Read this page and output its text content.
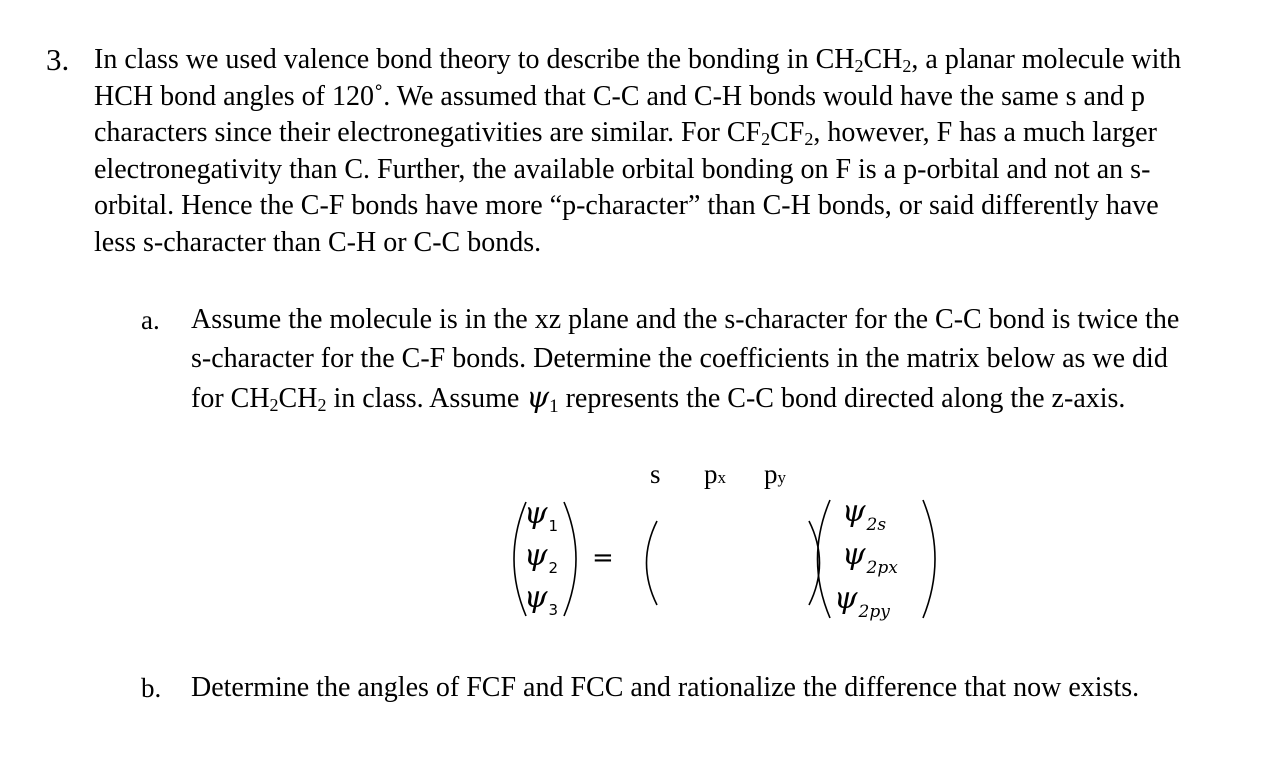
3. In class we used valence bond theory to describe the bonding in $CH_2CH_2$, a planar molecule with
HCH bond angles of 120˚. We assumed that C-C and C-H bonds would have the same s and p
characters since their electronegativities are similar. For $CF_2CF_2$, however, F has a much larger
electronegativity than C. Further, the available orbital bonding on F is a p-orbital and not an s-
orbital. Hence the C-F bonds have more “p-character” than C-H bonds, or said differently have
less s-character than C-H or C-C bonds.
a. Assume the molecule is in the xz plane and the s-character for the C-C bond is twice the
s-character for the C-F bonds. Determine the coefficients in the matrix below as we did
for $CH_2CH_2$ in class. Assume ψ1 represents the C-C bond directed along the z-axis.
s px py
$\psi_1$
$\psi_2$
$\psi_3$
=
$\psi_{2s}$
$\psi_{2px}$
$\psi_{2py}$
b. Determine the angles of FCF and FCC and rationalize the difference that now exists.
